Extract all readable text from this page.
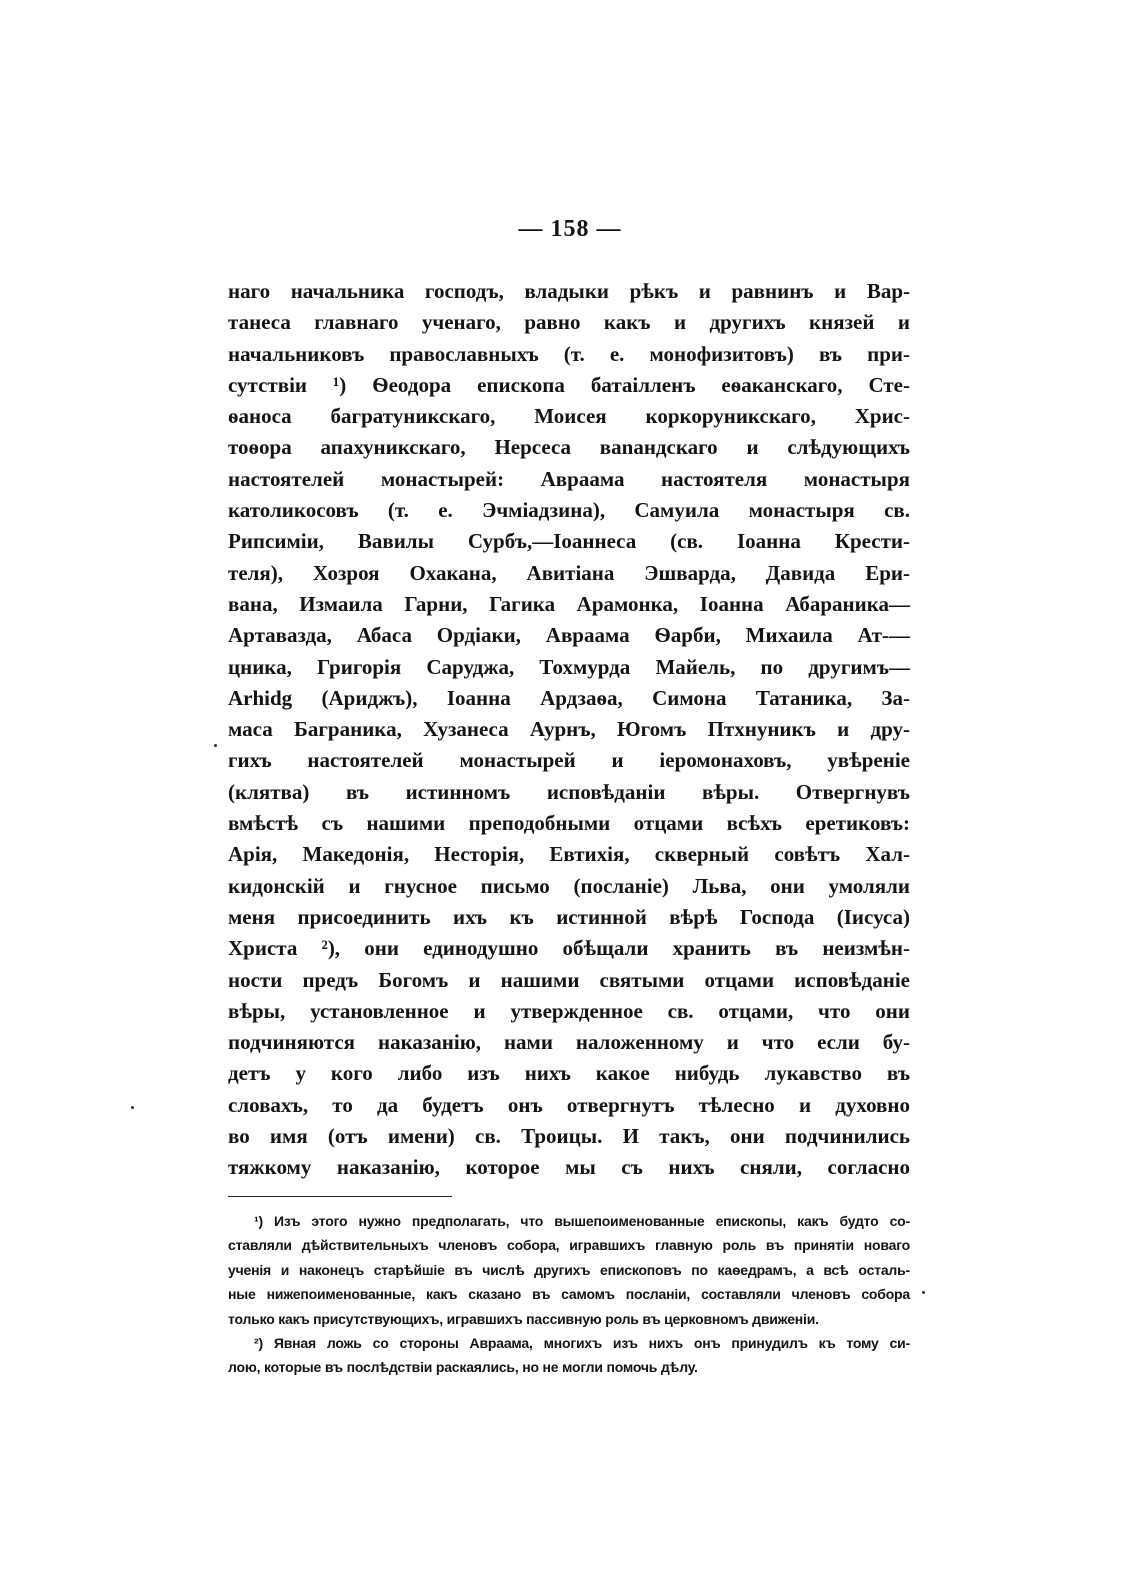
— 158 —
наго начальника господъ, владыки рѣкъ и равнинъ и Вар-
танеса главнаго ученаго, равно какъ и другихъ князей и
начальниковъ православныхъ (т. е. монофизитовъ) въ при-
сутствіи ¹) Ѳеодора епископа батаілленъ еѳаканскаго, Сте-
ѳаноса багратуникскаго, Моисея коркоруникскаго, Хрис-
тоѳора апахуникскаго, Нерсеса вanандскаго и слѣдующихъ
настоятелей монастырей: Авраама настоятеля монастыря
католикосовъ (т. е. Эчміадзина), Самуила монастыря св.
Рипсиміи, Вавилы Сурбъ,—Іоаннеса (св. Іоанна Крести-
теля), Хозроя Охакана, Авитіана Эшварда, Давида Ери-
вана, Измаила Гарни, Гагика Арамонка, Іоанна Абараника—
Артавазда, Абаса Ордіаки, Авраама Ѳарби, Михаила Ат-—
цника, Григорія Саруджа, Тохмурда Майель, по другимъ—
Arhidg (Ариджъ), Іоанна Ардзаѳа, Симона Татаника, За-
маса Баграника, Хузанеса Аурнъ, Югомъ Птхнуникъ и дру-
гихъ настоятелей монастырей и іеромонаховъ, увѣреніе
(клятва) въ истинномъ исповѣданіи вѣры. Отвергнувъ
вмѣстѣ съ нашими преподобными отцами всѣхъ еретиковъ:
Арія, Македонія, Несторія, Евтихія, скверный совѣтъ Хал-
кидонскій и гнусное письмо (посланіе) Льва, они умоляли
меня присоединить ихъ къ истинной вѣрѣ Господа (Іисуса)
Христа ²), они единодушно обѣщали хранить въ неизмѣн-
ности предъ Богомъ и нашими святыми отцами исповѣданіе
вѣры, установленное и утвержденное св. отцами, что они
подчиняются наказанію, нами наложенному и что если бу-
детъ у кого либо изъ нихъ какое нибудь лукавство въ
словахъ, то да будетъ онъ отвергнутъ тѣлесно и духовно
во имя (отъ имени) св. Троицы. И такъ, они подчинились
тяжкому наказанію, которое мы съ нихъ сняли, согласно
¹) Изъ этого нужно предполагать, что вышепоименованные епископы, какъ будто со-
ставляли дѣйствительныхъ членовъ собора, игравшихъ главную роль въ принятіи новаго
ученія и наконецъ старѣйшіе въ числѣ другихъ епископовъ по каѳедрамъ, а всѣ осталь-
ные нижепоименованные, какъ сказано въ самомъ посланіи, составляли членовъ собора
только какъ присутствующихъ, игравшихъ пассивную роль въ церковномъ движеніи.
²) Явная ложь со стороны Авраама, многихъ изъ нихъ онъ принудилъ къ тому си-
лою, которые въ послѣдствіи раскаялись, но не могли помочь дѣлу.
